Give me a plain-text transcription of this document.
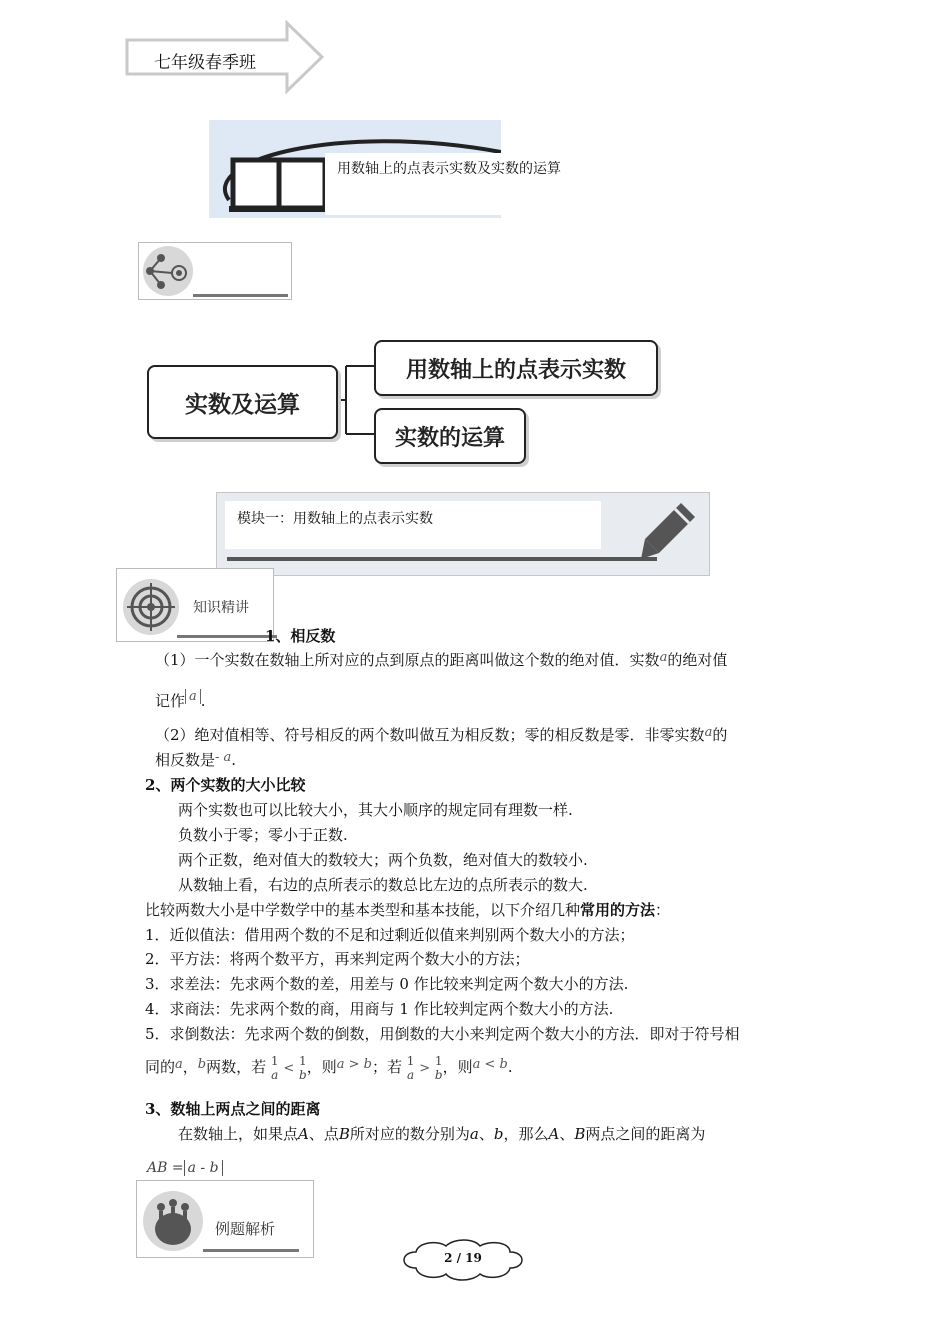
七年级春季班
用数轴上的点表示实数及实数的运算
实数及运算
用数轴上的点表示实数
实数的运算
模块一：用数轴上的点表示实数
知识精讲
1、相反数
（1）一个实数在数轴上所对应的点到原点的距离叫做这个数的绝对值．实数a的绝对值
记作 a .
（2）绝对值相等、符号相反的两个数叫做互为相反数；零的相反数是零．非零实数a的
相反数是- a.
2、两个实数的大小比较
两个实数也可以比较大小，其大小顺序的规定同有理数一样.
负数小于零；零小于正数.
两个正数，绝对值大的数较大；两个负数，绝对值大的数较小.
从数轴上看，右边的点所表示的数总比左边的点所表示的数大.
比较两数大小是中学数学中的基本类型和基本技能，以下介绍几种常用的方法：
1．近似值法：借用两个数的不足和过剩近似值来判别两个数大小的方法；
2．平方法：将两个数平方，再来判定两个数大小的方法；
3．求差法：先求两个数的差，用差与 0 作比较来判定两个数大小的方法.
4．求商法：先求两个数的商，用商与 1 作比较判定两个数大小的方法.
5．求倒数法：先求两个数的倒数，用倒数的大小来判定两个数大小的方法．即对于符号相
同的a，b两数，若 1
a < 1
b ，则a > b；若 1
a > 1
b ，则a < b.
3、数轴上两点之间的距离
在数轴上，如果点A、点B所对应的数分别为a、b，那么A、B两点之间的距离为
AB = a - b
例题解析
2 / 19
